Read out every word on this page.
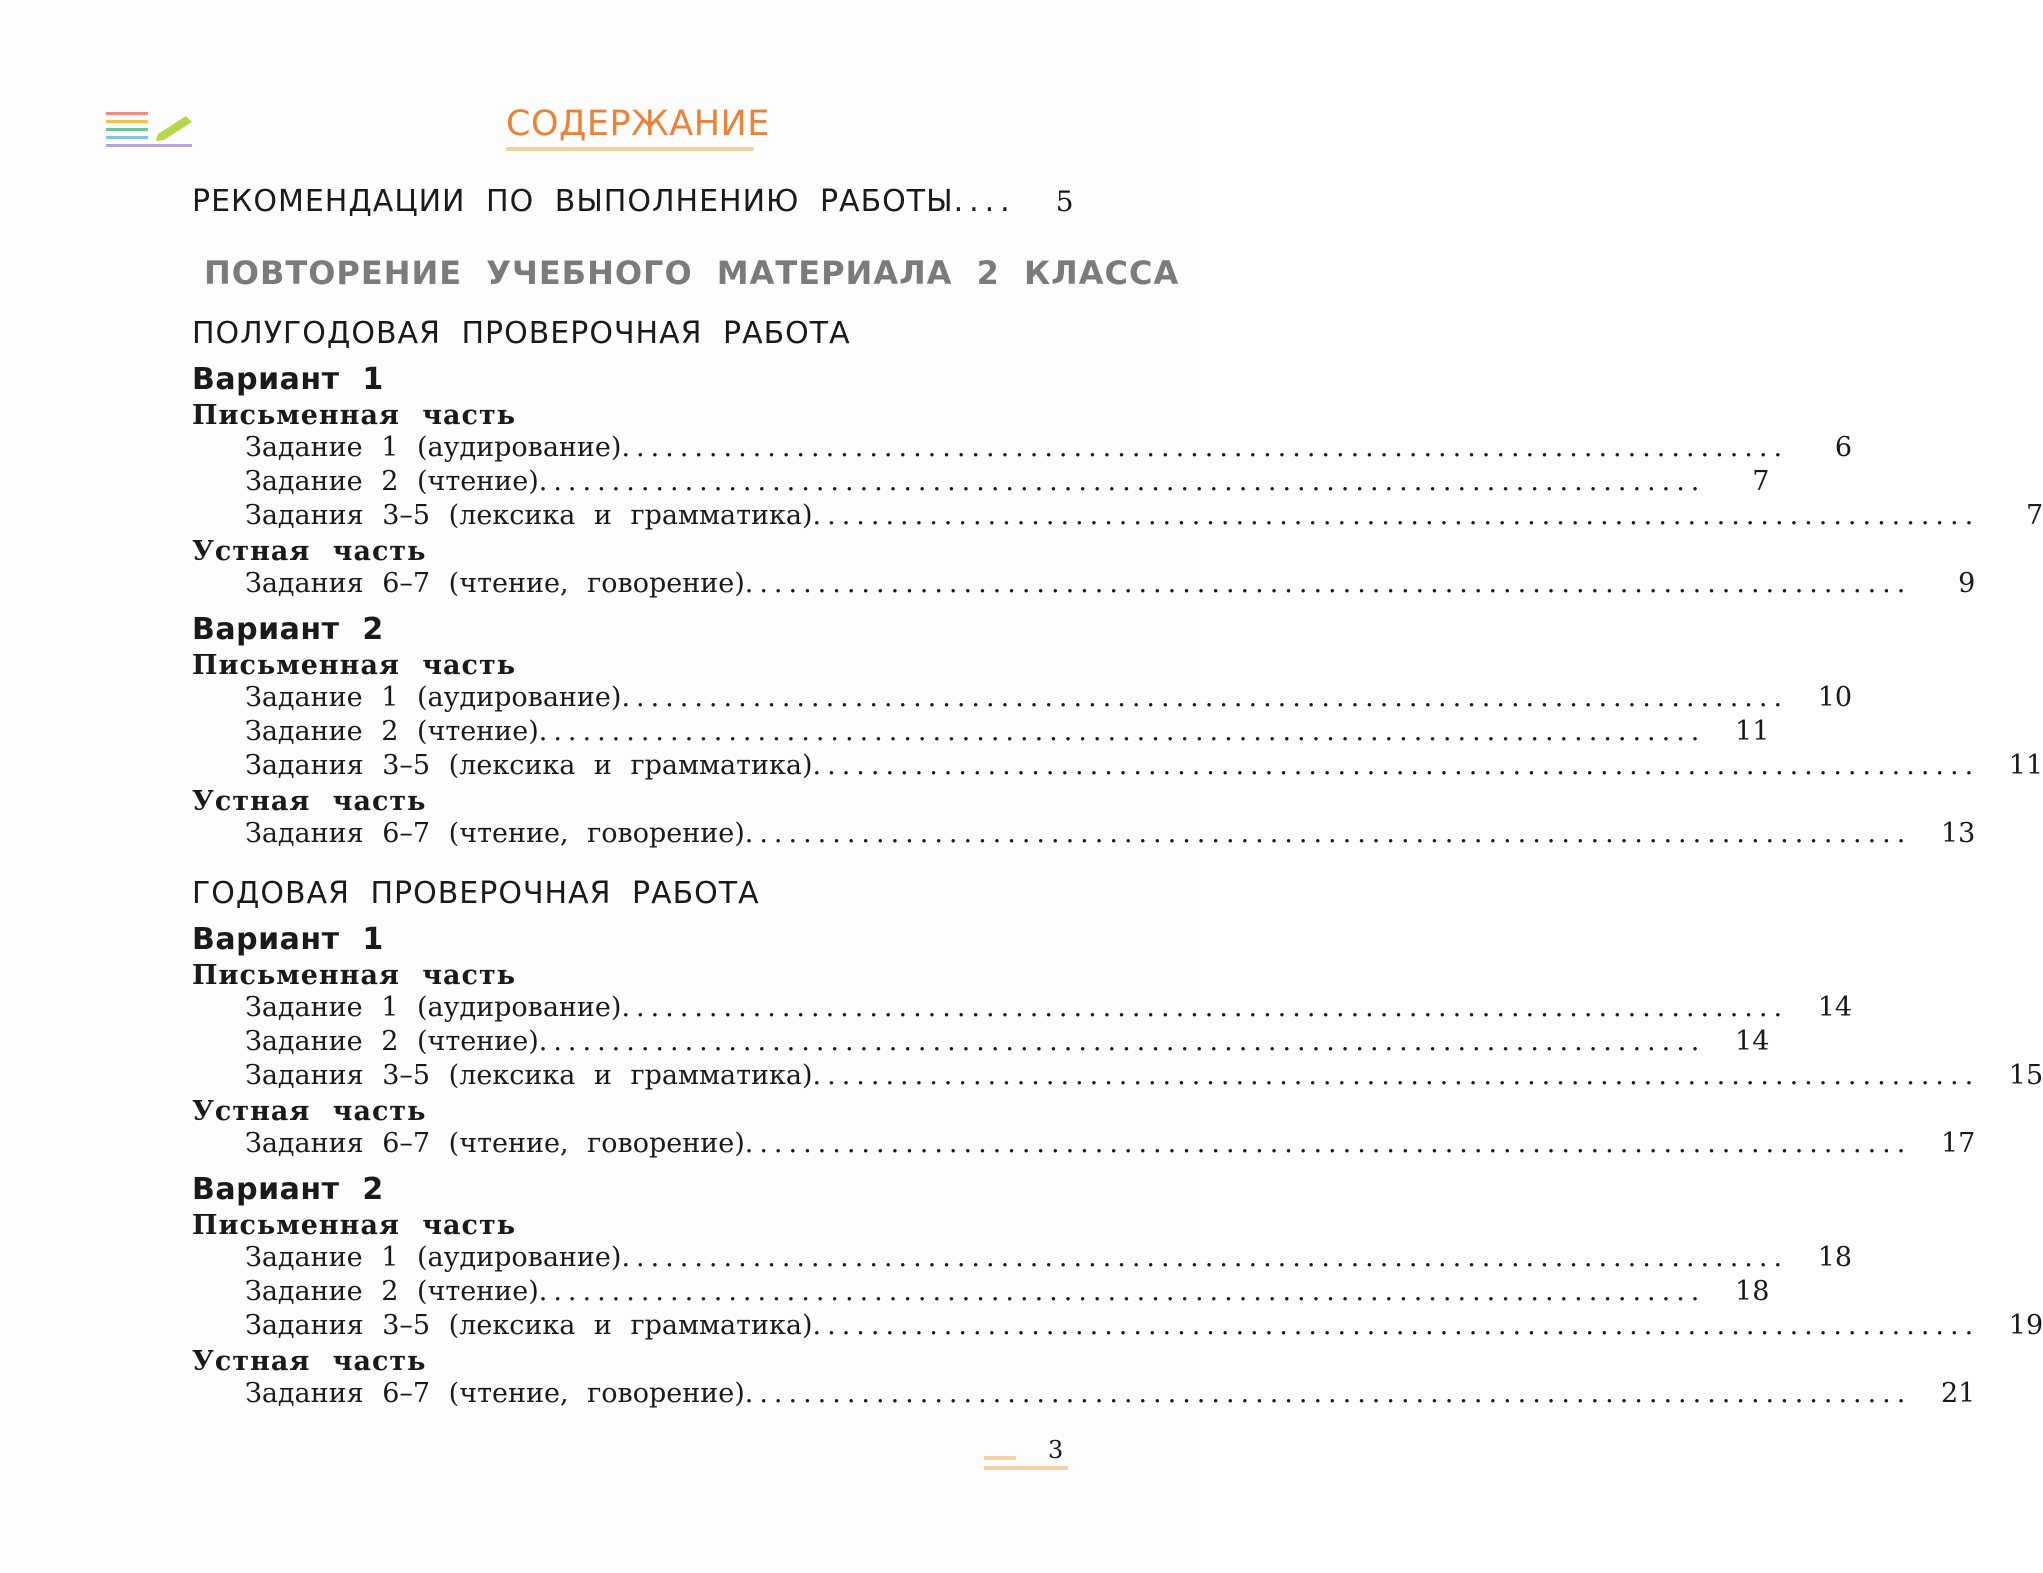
СОДЕРЖАНИЕ
РЕКОМЕНДАЦИИ ПО ВЫПОЛНЕНИЮ РАБОТЫ .... 5
ПОВТОРЕНИЕ УЧЕБНОГО МАТЕРИАЛА 2 КЛАССА
ПОЛУГОДОВАЯ ПРОВЕРОЧНАЯ РАБОТА
Вариант 1
Письменная часть
Задание 1 (аудирование) ................................................................................	6
Задание 2 (чтение) ................................................................................	7
Задания 3–5 (лексика и грамматика) ................................................................................	7
Устная часть
Задания 6–7 (чтение, говорение) ................................................................................	9
Вариант 2
Письменная часть
Задание 1 (аудирование) ................................................................................ 10
Задание 2 (чтение) ................................................................................ 11
Задания 3–5 (лексика и грамматика) ................................................................................ 11
Устная часть
Задания 6–7 (чтение, говорение) ................................................................................ 13
ГОДОВАЯ ПРОВЕРОЧНАЯ РАБОТА
Вариант 1
Письменная часть
Задание 1 (аудирование) ................................................................................ 14
Задание 2 (чтение) ................................................................................ 14
Задания 3–5 (лексика и грамматика) ................................................................................ 15
Устная часть
Задания 6–7 (чтение, говорение) ................................................................................ 17
Вариант 2
Письменная часть
Задание 1 (аудирование) ................................................................................ 18
Задание 2 (чтение) ................................................................................ 18
Задания 3–5 (лексика и грамматика) ................................................................................ 19
Устная часть
Задания 6–7 (чтение, говорение) ................................................................................ 21
3
